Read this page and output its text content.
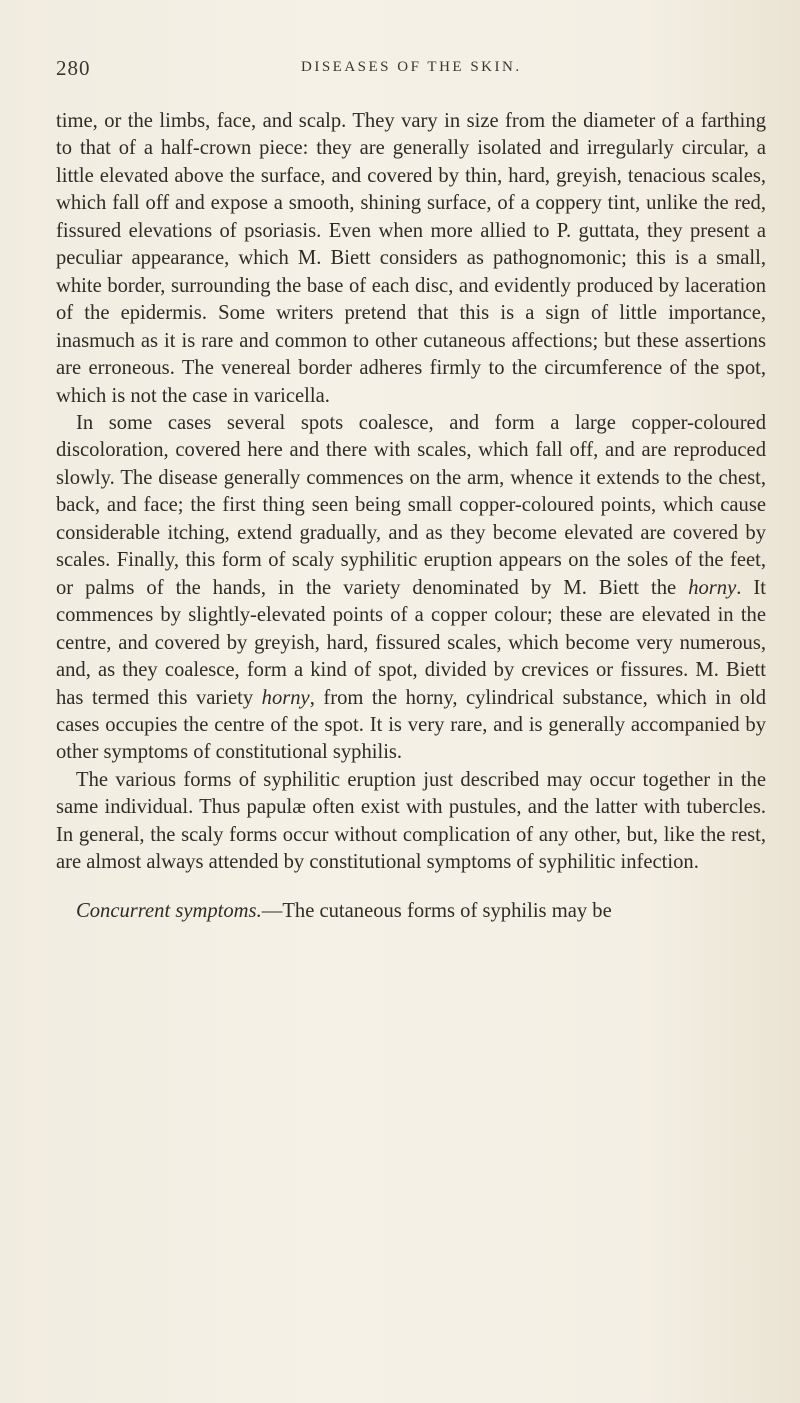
280	DISEASES OF THE SKIN.

time, or the limbs, face, and scalp. They vary in size from the diameter of a farthing to that of a half-crown piece: they are generally isolated and irregularly circular, a little elevated above the surface, and covered by thin, hard, greyish, tenacious scales, which fall off and expose a smooth, shining surface, of a coppery tint, unlike the red, fissured elevations of psoriasis. Even when more allied to P. guttata, they present a peculiar appearance, which M. Biett considers as pathognomonic; this is a small, white border, surrounding the base of each disc, and evidently produced by laceration of the epidermis. Some writers pretend that this is a sign of little importance, inasmuch as it is rare and common to other cutaneous affections; but these assertions are erroneous. The venereal border adheres firmly to the circumference of the spot, which is not the case in varicella.

In some cases several spots coalesce, and form a large copper-coloured discoloration, covered here and there with scales, which fall off, and are reproduced slowly. The disease generally commences on the arm, whence it extends to the chest, back, and face; the first thing seen being small copper-coloured points, which cause considerable itching, extend gradually, and as they become elevated are covered by scales. Finally, this form of scaly syphilitic eruption appears on the soles of the feet, or palms of the hands, in the variety denominated by M. Biett the horny. It commences by slightly-elevated points of a copper colour; these are elevated in the centre, and covered by greyish, hard, fissured scales, which become very numerous, and, as they coalesce, form a kind of spot, divided by crevices or fissures. M. Biett has termed this variety horny, from the horny, cylindrical substance, which in old cases occupies the centre of the spot. It is very rare, and is generally accompanied by other symptoms of constitutional syphilis.

The various forms of syphilitic eruption just described may occur together in the same individual. Thus papulæ often exist with pustules, and the latter with tubercles. In general, the scaly forms occur without complication of any other, but, like the rest, are almost always attended by constitutional symptoms of syphilitic infection.

Concurrent symptoms.—The cutaneous forms of syphilis may be
